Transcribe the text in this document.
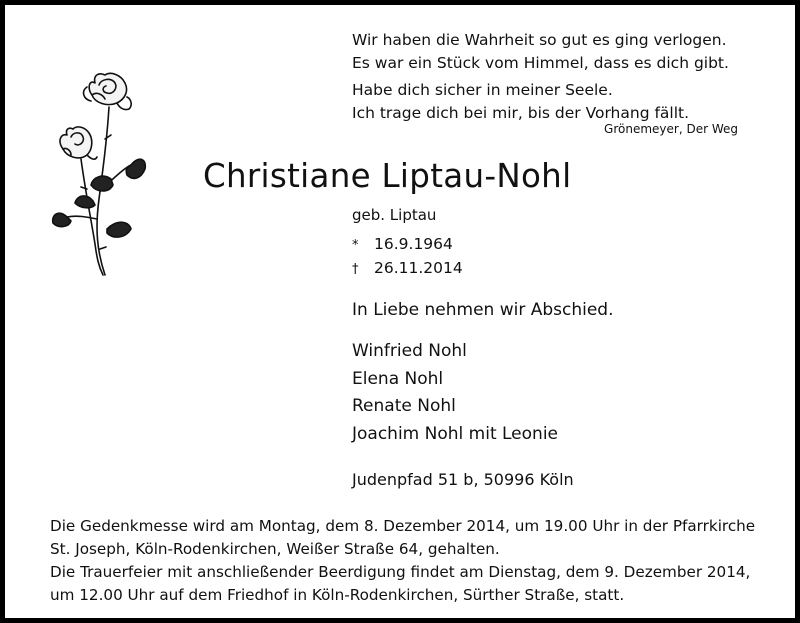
Wir haben die Wahrheit so gut es ging verlogen.
Es war ein Stück vom Himmel, dass es dich gibt.
Habe dich sicher in meiner Seele.
Ich trage dich bei mir, bis der Vorhang fällt.
Grönemeyer, Der Weg
Christiane Liptau-Nohl
geb. Liptau
* 16.9.1964
† 26.11.2014
In Liebe nehmen wir Abschied.
Winfried Nohl
Elena Nohl
Renate Nohl
Joachim Nohl mit Leonie
Judenpfad 51 b, 50996 Köln
Die Gedenkmesse wird am Montag, dem 8. Dezember 2014, um 19.00 Uhr in der Pfarrkirche
St. Joseph, Köln-Rodenkirchen, Weißer Straße 64, gehalten.
Die Trauerfeier mit anschließender Beerdigung findet am Dienstag, dem 9. Dezember 2014,
um 12.00 Uhr auf dem Friedhof in Köln-Rodenkirchen, Sürther Straße, statt.
